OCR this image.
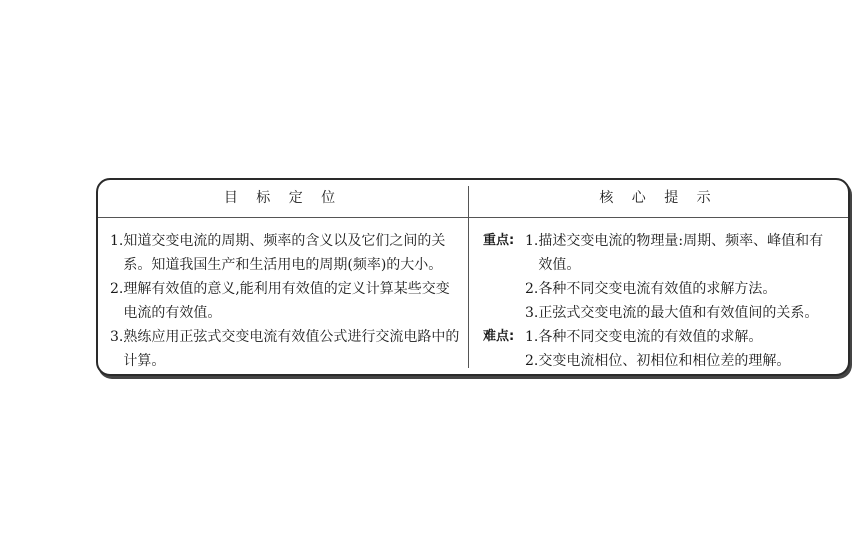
目 标 定 位	核 心 提 示
1. 知道交变电流的周期、频率的含义以及它们之间的关系。知道我国生产和生活用电的周期(频率)的大小。
2. 理解有效值的意义,能利用有效值的定义计算某些交变电流的有效值。
3. 熟练应用正弦式交变电流有效值公式进行交流电路中的计算。
重点: 1. 描述交变电流的物理量:周期、频率、峰值和有效值。
2. 各种不同交变电流有效值的求解方法。
3. 正弦式交变电流的最大值和有效值间的关系。
难点: 1. 各种不同交变电流的有效值的求解。
2. 交变电流相位、初相位和相位差的理解。
